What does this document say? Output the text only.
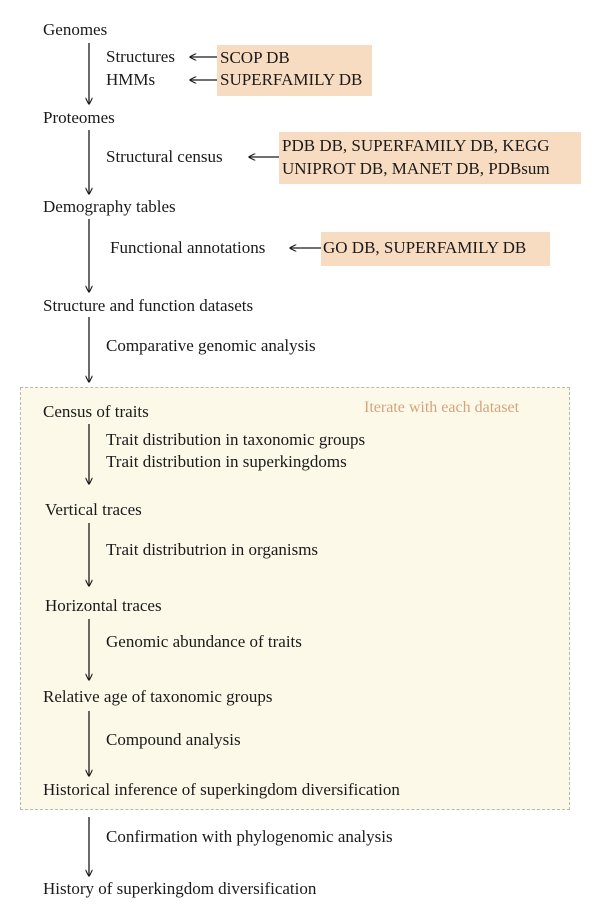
Iterate with each dataset
Genomes
Proteomes
Demography tables
Structure and function datasets
Census of traits
Vertical traces
Horizontal traces
Relative age of taxonomic groups
Historical inference of superkingdom diversification
History of superkingdom diversification
Structures
HMMs
Structural census
Functional annotations
Comparative genomic analysis
Trait distribution in taxonomic groups
Trait distribution in superkingdoms
Trait distributrion in organisms
Genomic abundance of traits
Compound analysis
Confirmation with phylogenomic analysis
SCOP DB
SUPERFAMILY DB
PDB DB, SUPERFAMILY DB, KEGG
UNIPROT DB, MANET DB, PDBsum
GO DB, SUPERFAMILY DB
